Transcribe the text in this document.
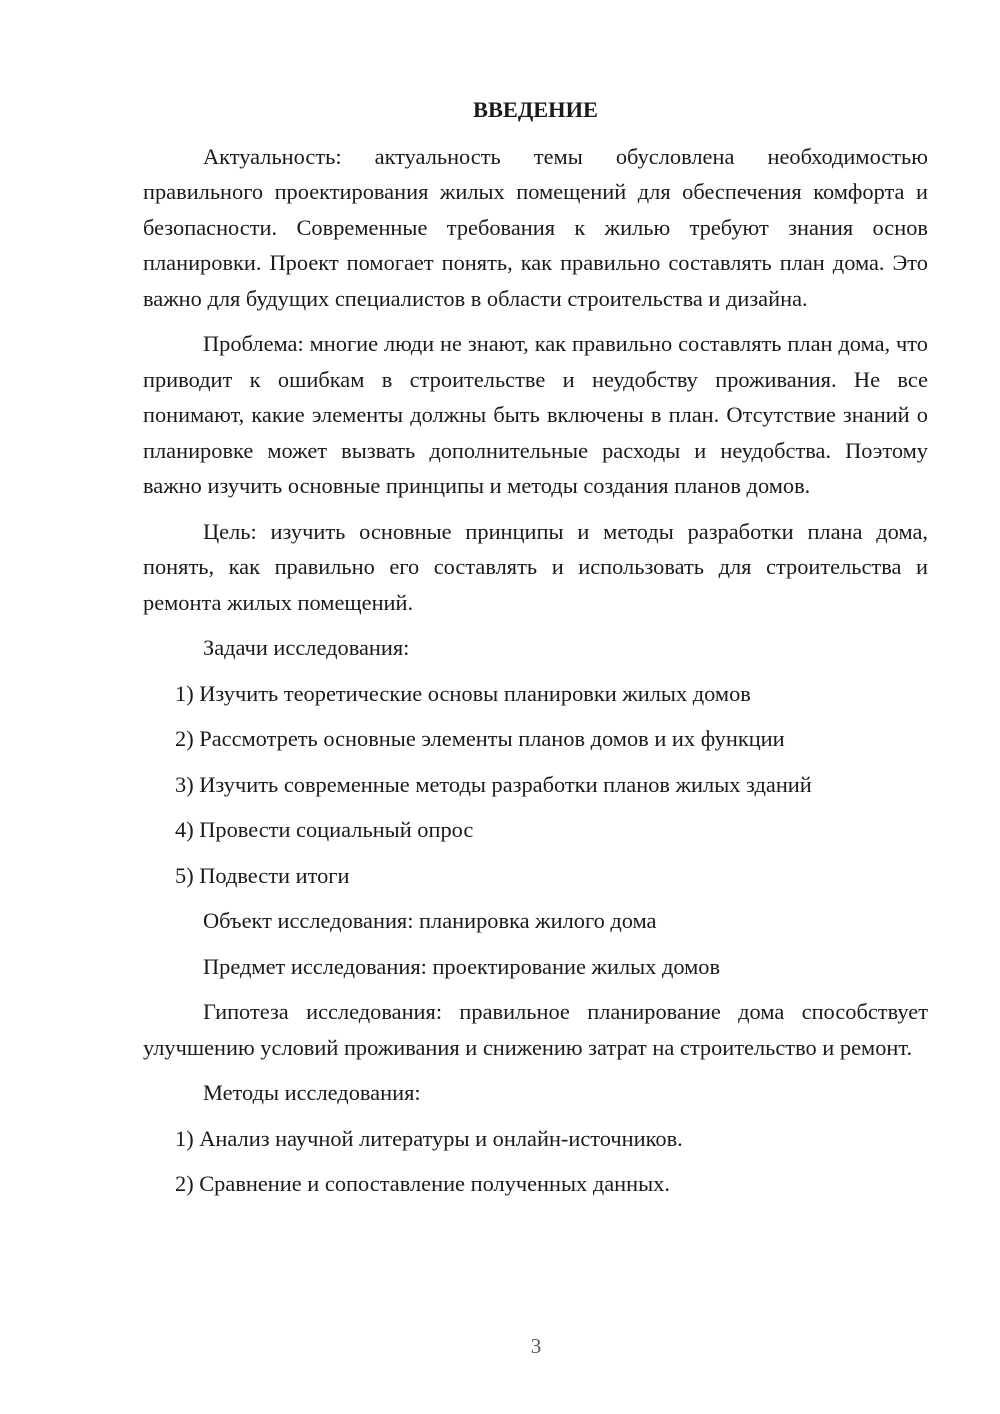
ВВЕДЕНИЕ

Актуальность: актуальность темы обусловлена необходимостью правильного проектирования жилых помещений для обеспечения комфорта и безопасности. Современные требования к жилью требуют знания основ планировки. Проект помогает понять, как правильно составлять план дома. Это важно для будущих специалистов в области строительства и дизайна.

Проблема: многие люди не знают, как правильно составлять план дома, что приводит к ошибкам в строительстве и неудобству проживания. Не все понимают, какие элементы должны быть включены в план. Отсутствие знаний о планировке может вызвать дополнительные расходы и неудобства. Поэтому важно изучить основные принципы и методы создания планов домов.

Цель: изучить основные принципы и методы разработки плана дома, понять, как правильно его составлять и использовать для строительства и ремонта жилых помещений.

Задачи исследования:
1) Изучить теоретические основы планировки жилых домов
2) Рассмотреть основные элементы планов домов и их функции
3) Изучить современные методы разработки планов жилых зданий
4) Провести социальный опрос
5) Подвести итоги
Объект исследования: планировка жилого дома
Предмет исследования: проектирование жилых домов

Гипотеза исследования: правильное планирование дома способствует улучшению условий проживания и снижению затрат на строительство и ремонт.

Методы исследования:
1) Анализ научной литературы и онлайн-источников.
2) Сравнение и сопоставление полученных данных.
3
